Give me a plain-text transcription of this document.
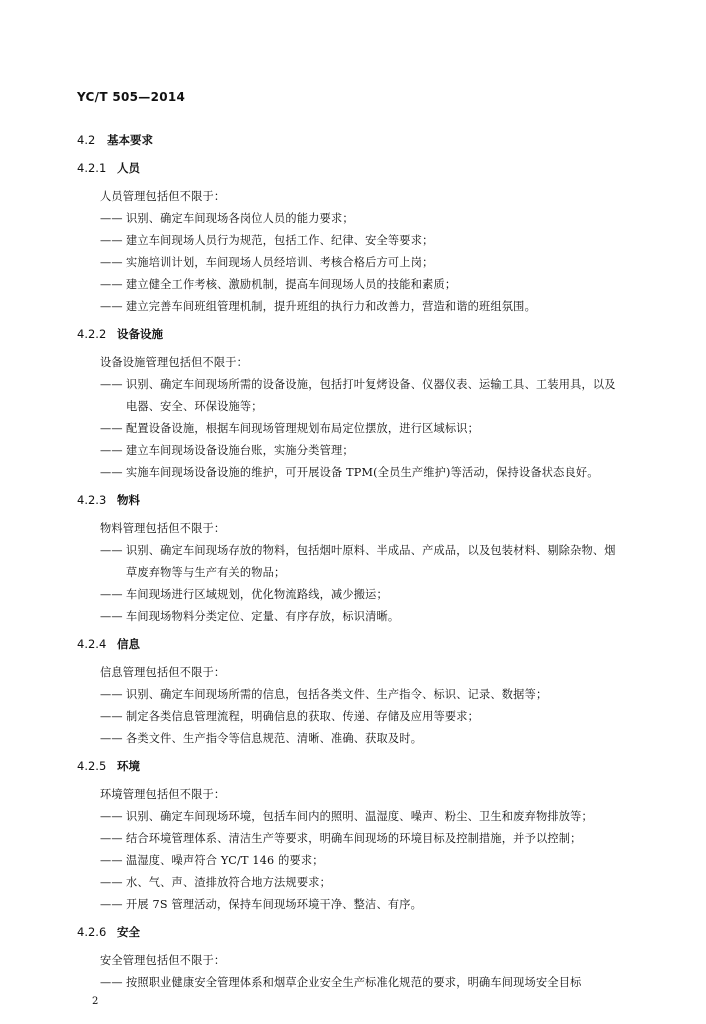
YC/T 505—2014
4.2 基本要求
4.2.1 人员
人员管理包括但不限于：
—— 识别、确定车间现场各岗位人员的能力要求；
—— 建立车间现场人员行为规范，包括工作、纪律、安全等要求；
—— 实施培训计划，车间现场人员经培训、考核合格后方可上岗；
—— 建立健全工作考核、激励机制，提高车间现场人员的技能和素质；
—— 建立完善车间班组管理机制，提升班组的执行力和改善力，营造和谐的班组氛围。
4.2.2 设备设施
设备设施管理包括但不限于：
—— 识别、确定车间现场所需的设备设施，包括打叶复烤设备、仪器仪表、运输工具、工装用具，以及
电器、安全、环保设施等；
—— 配置设备设施，根据车间现场管理规划布局定位摆放，进行区域标识；
—— 建立车间现场设备设施台账，实施分类管理；
—— 实施车间现场设备设施的维护，可开展设备 TPM(全员生产维护)等活动，保持设备状态良好。
4.2.3 物料
物料管理包括但不限于：
—— 识别、确定车间现场存放的物料，包括烟叶原料、半成品、产成品，以及包装材料、剔除杂物、烟
草废弃物等与生产有关的物品；
—— 车间现场进行区域规划，优化物流路线，减少搬运；
—— 车间现场物料分类定位、定量、有序存放，标识清晰。
4.2.4 信息
信息管理包括但不限于：
—— 识别、确定车间现场所需的信息，包括各类文件、生产指令、标识、记录、数据等；
—— 制定各类信息管理流程，明确信息的获取、传递、存储及应用等要求；
—— 各类文件、生产指令等信息规范、清晰、准确、获取及时。
4.2.5 环境
环境管理包括但不限于：
—— 识别、确定车间现场环境，包括车间内的照明、温湿度、噪声、粉尘、卫生和废弃物排放等；
—— 结合环境管理体系、清洁生产等要求，明确车间现场的环境目标及控制措施，并予以控制；
—— 温湿度、噪声符合 YC/T 146 的要求；
—— 水、气、声、渣排放符合地方法规要求；
—— 开展 7S 管理活动，保持车间现场环境干净、整洁、有序。
4.2.6 安全
安全管理包括但不限于：
—— 按照职业健康安全管理体系和烟草企业安全生产标准化规范的要求，明确车间现场安全目标
2
